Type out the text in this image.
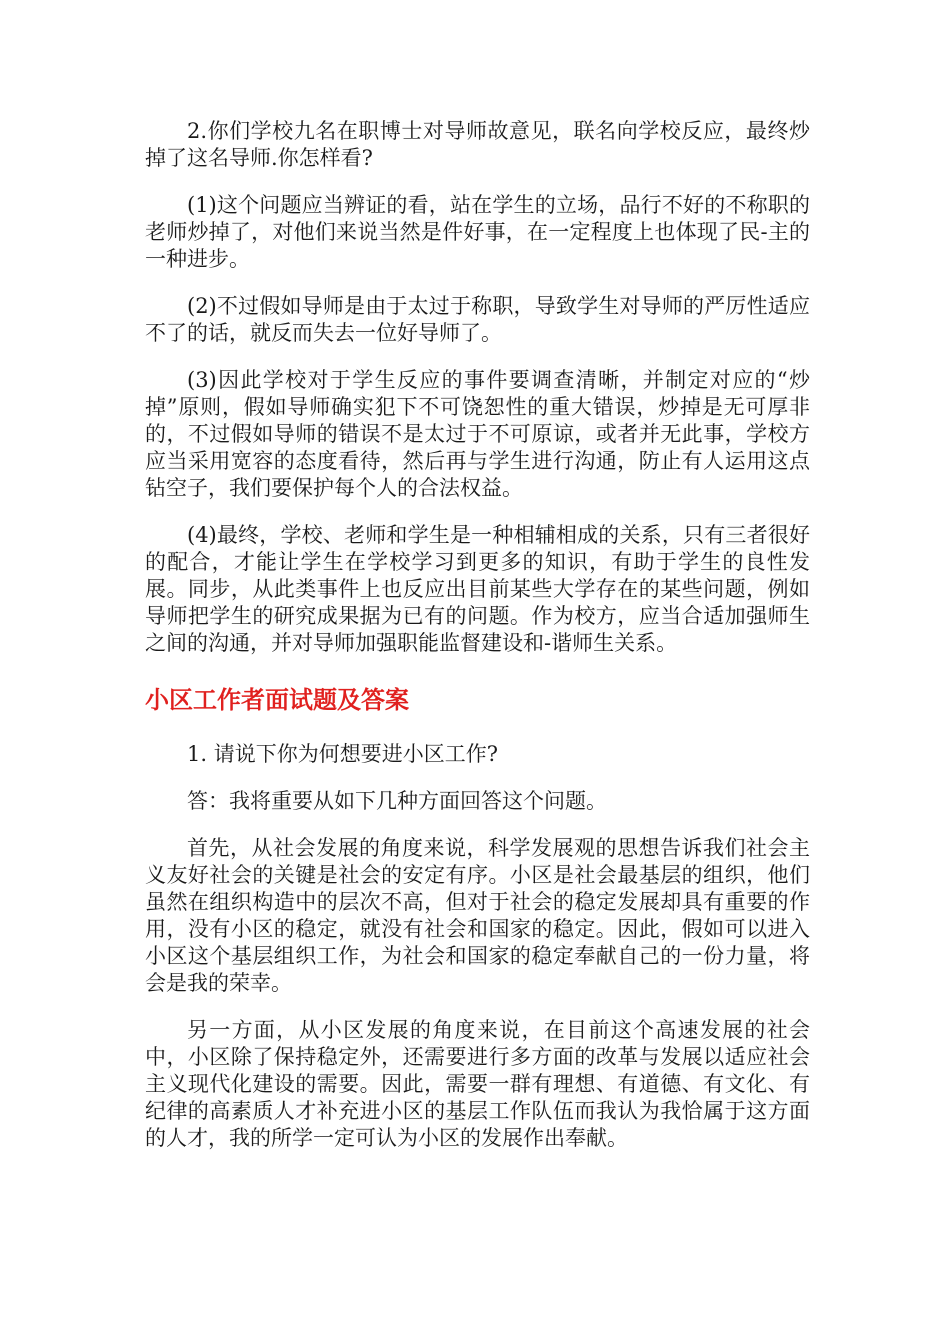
2.你们学校九名在职博士对导师故意见，联名向学校反应，最终炒掉了这名导师.你怎样看?

(1)这个问题应当辨证的看，站在学生的立场，品行不好的不称职的老师炒掉了，对他们来说当然是件好事，在一定程度上也体现了民-主的一种进步。

(2)不过假如导师是由于太过于称职，导致学生对导师的严厉性适应不了的话，就反而失去一位好导师了。

(3)因此学校对于学生反应的事件要调查清晰，并制定对应的“炒掉”原则，假如导师确实犯下不可饶恕性的重大错误，炒掉是无可厚非的，不过假如导师的错误不是太过于不可原谅，或者并无此事，学校方应当采用宽容的态度看待，然后再与学生进行沟通，防止有人运用这点钻空子，我们要保护每个人的合法权益。

(4)最终，学校、老师和学生是一种相辅相成的关系，只有三者很好的配合，才能让学生在学校学习到更多的知识，有助于学生的良性发展。同步，从此类事件上也反应出目前某些大学存在的某些问题，例如导师把学生的研究成果据为已有的问题。作为校方，应当合适加强师生之间的沟通，并对导师加强职能监督建设和-谐师生关系。

小区工作者面试题及答案

1. 请说下你为何想要进小区工作?

答：我将重要从如下几种方面回答这个问题。

首先，从社会发展的角度来说，科学发展观的思想告诉我们社会主义友好社会的关键是社会的安定有序。小区是社会最基层的组织，他们虽然在组织构造中的层次不高，但对于社会的稳定发展却具有重要的作用，没有小区的稳定，就没有社会和国家的稳定。因此，假如可以进入小区这个基层组织工作，为社会和国家的稳定奉献自己的一份力量，将会是我的荣幸。

另一方面，从小区发展的角度来说，在目前这个高速发展的社会中，小区除了保持稳定外，还需要进行多方面的改革与发展以适应社会主义现代化建设的需要。因此，需要一群有理想、有道德、有文化、有纪律的高素质人才补充进小区的基层工作队伍而我认为我恰属于这方面的人才，我的所学一定可认为小区的发展作出奉献。
